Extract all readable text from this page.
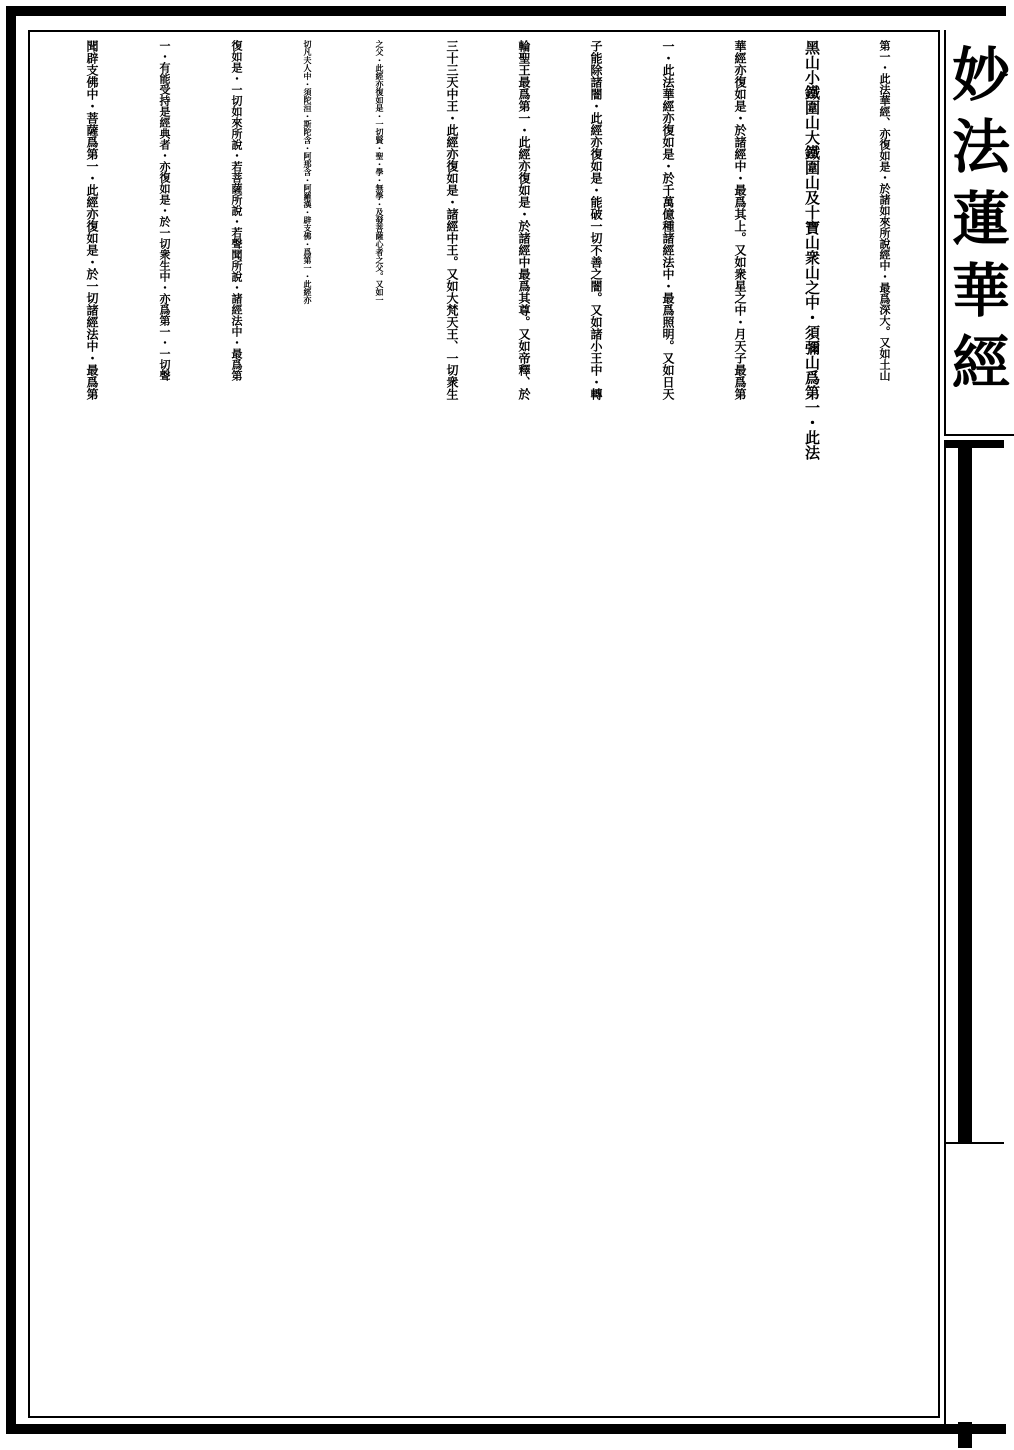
妙法蓮華經
第一・此法華經、亦復如是・於諸如來所說經中・最爲深大。又如土山
黑山小鐵圍山大鐵圍山及十寶山衆山之中・須彌山爲第一・此法
華經亦復如是・於諸經中・最爲其上。又如衆星之中・月天子最爲第
一・此法華經亦復如是・於千萬億種諸經法中・最爲照明。又如日天
子能除諸闇・此經亦復如是・能破一切不善之闇。又如諸小王中・轉
輪聖王最爲第一・此經亦復如是・於諸經中最爲其尊。又如帝釋、於
三十三天中王・此經亦復如是・諸經中王。又如大梵天王、一切衆生
之父・此經亦復如是・一切賢・聖・學・無學・及發菩薩心者之父。又如一
切凡夫人中・須陀洹・斯陀含・阿那含・阿羅漢・辟支佛・爲第一・此經亦
復如是・一切如來所說・若菩薩所說・若聲聞所說・諸經法中・最爲第
一・有能受持是經典者・亦復如是・於一切衆生中・亦爲第一・一切聲
聞辟支佛中・菩薩爲第一・此經亦復如是・於一切諸經法中・最爲第
